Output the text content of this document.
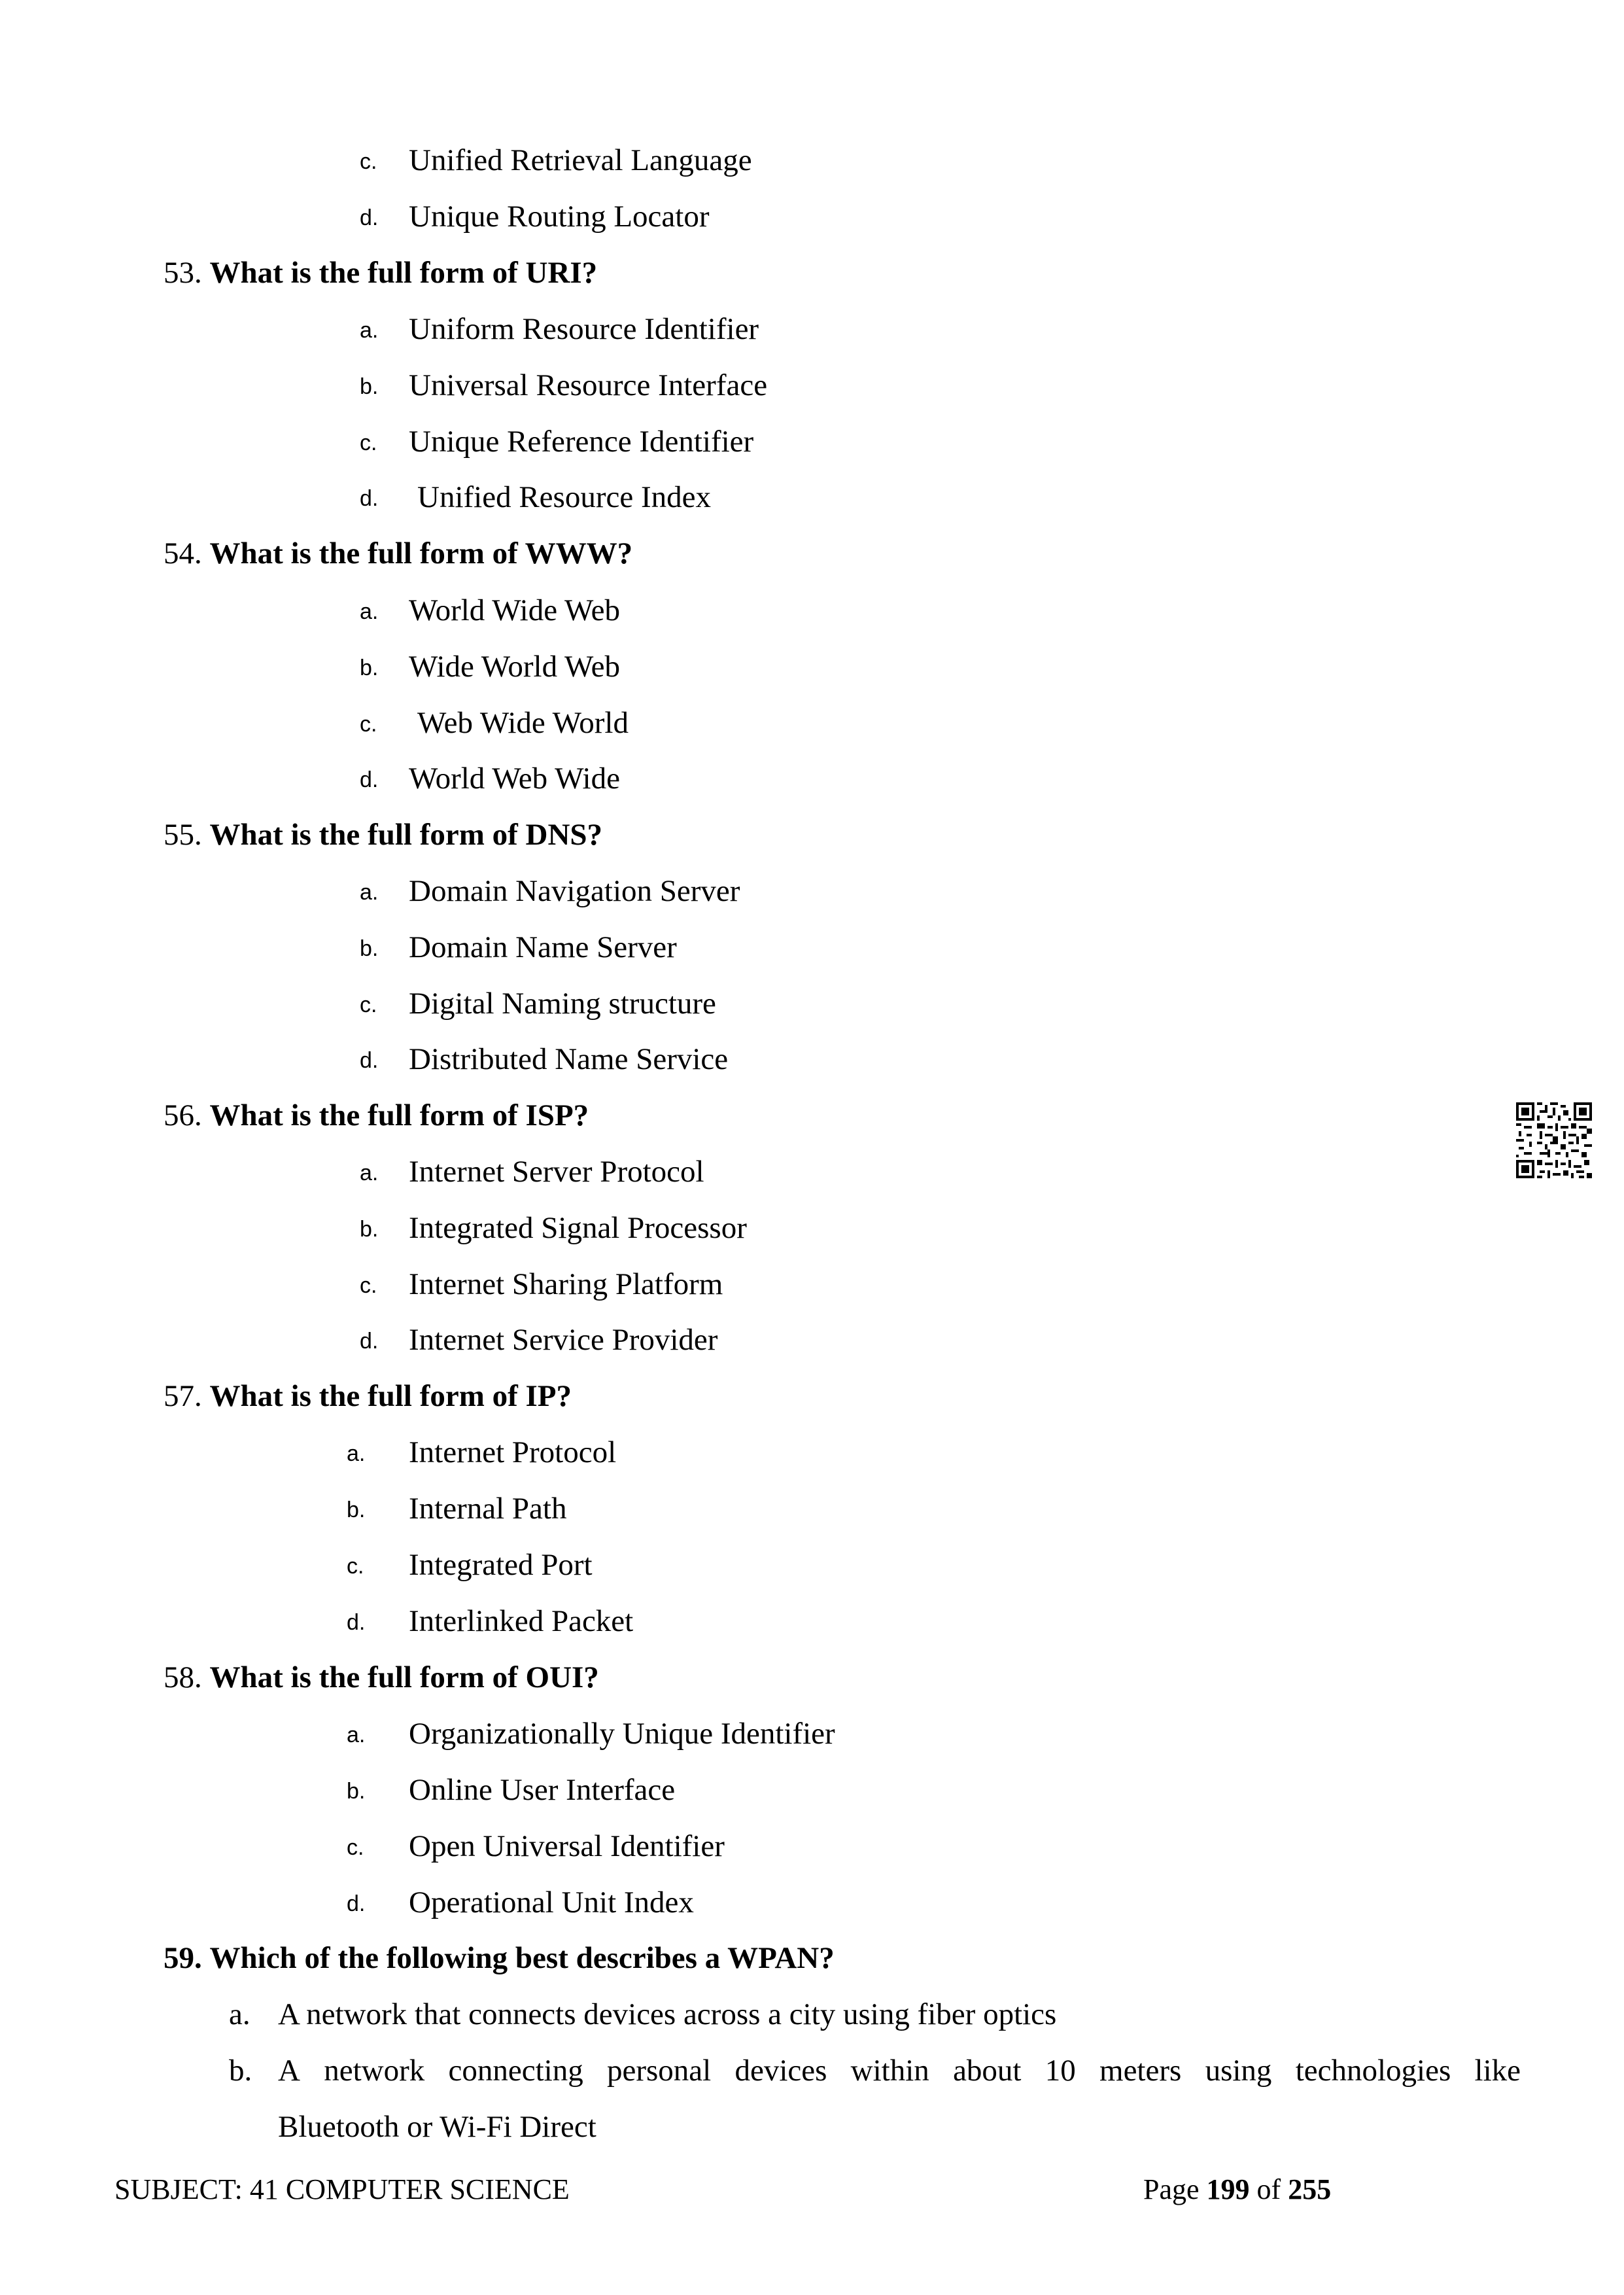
c. Unified Retrieval Language
d. Unique Routing Locator
53. What is the full form of URI?
a. Uniform Resource Identifier
b. Universal Resource Interface
c. Unique Reference Identifier
d. Unified Resource Index
54. What is the full form of WWW?
a. World Wide Web
b. Wide World Web
c. Web Wide World
d. World Web Wide
55. What is the full form of DNS?
a. Domain Navigation Server
b. Domain Name Server
c. Digital Naming structure
d. Distributed Name Service
56. What is the full form of ISP?
a. Internet Server Protocol
b. Integrated Signal Processor
c. Internet Sharing Platform
d. Internet Service Provider
57. What is the full form of IP?
a. Internet Protocol
b. Internal Path
c. Integrated Port
d. Interlinked Packet
58. What is the full form of OUI?
a. Organizationally Unique Identifier
b. Online User Interface
c. Open Universal Identifier
d. Operational Unit Index
59. Which of the following best describes a WPAN?
a. A network that connects devices across a city using fiber optics
b. A network connecting personal devices within about 10 meters using technologies like
Bluetooth or Wi-Fi Direct
SUBJECT: 41 COMPUTER SCIENCE	Page 199 of 255
